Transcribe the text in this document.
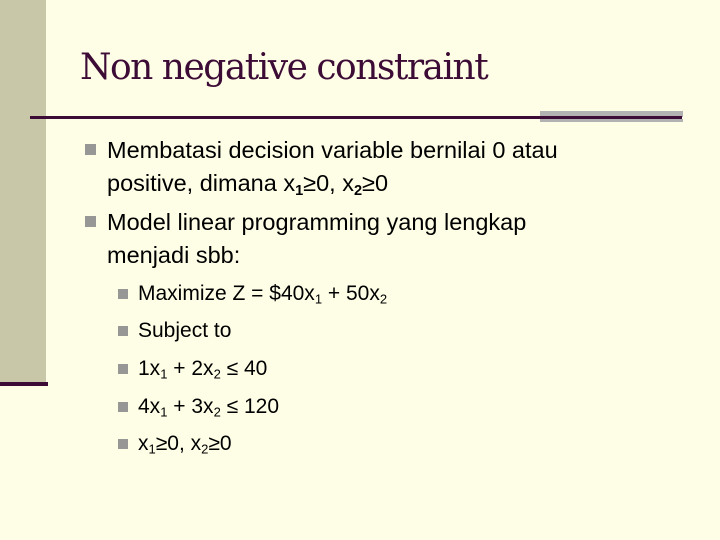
Non negative constraint
Membatasi decision variable bernilai 0 atau
positive, dimana $x_1\ge 0$, $x_2\ge 0$
Model linear programming yang lengkap
menjadi sbb:
Maximize $Z = \$40x_1 + 50x_2$
Subject to
$1x_1 + 2x_2 \le 40$
$4x_1 + 3x_2 \le 120$
$x_1\ge 0$, $x_2\ge 0$
